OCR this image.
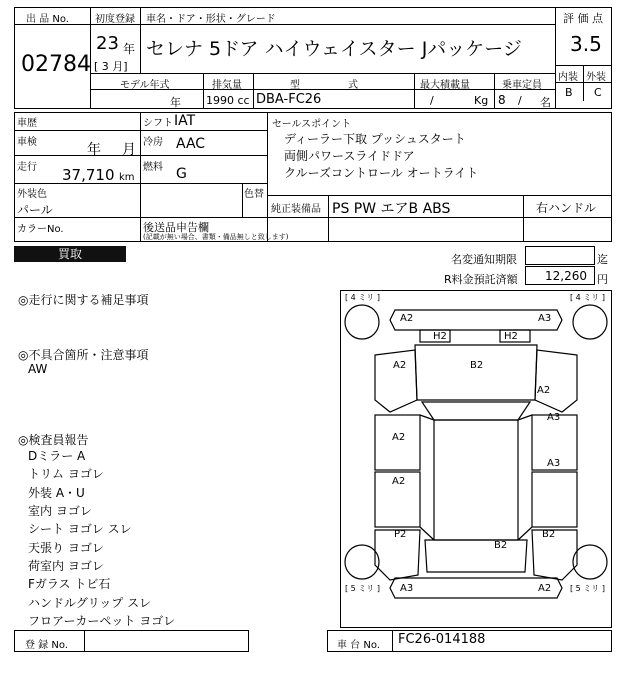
出 品 No.
02784
初度登録
23 年
[ 3 月]
車名・ドア・形状・グレード
セレナ 5ドア ハイウェイスター Jパッケージ
評 価 点
3.5
内装 外装
B C
モデル年式
年
排気量
1990 cc
型	式
DBA-FC26
最大積載量
/	Kg
乗車定員
8 / 名
車歴	シフト IAT
車検	年 月 冷房 AAC
走行 37,710 km
燃料 G
外装色
パール
色替
カラーNo.	後送品申告欄
(記載が無い場合、書類・備品無しと致します)
セールスポイント
ディーラー下取 プッシュスタート
両側パワースライドドア
クルーズコントロール オートライト
純正装備品 PS PW エアB ABS	右ハンドル
買取	名変通知期限	迄
R料金預託済額 12,260 円
◎走行に関する補足事項
◎不具合箇所・注意事項
AW
◎検査員報告
Dミラー A
トリム ヨゴレ
外装 A・U
室内 ヨゴレ
シート ヨゴレ スレ
天張り ヨゴレ
荷室内 ヨゴレ
Fガラス トビ石
ハンドルグリップ スレ
フロアーカーペット ヨゴレ
[ 4 ミリ ]	[ 4 ミリ ]
[ 5 ミリ ]	[ 5 ミリ ]
A2	A3
H2	H2
A2	B2
A2
A3
A2
A3
A2
P2	B2
B2
A3	A2
登 録 No.	車 台 No. FC26-014188
